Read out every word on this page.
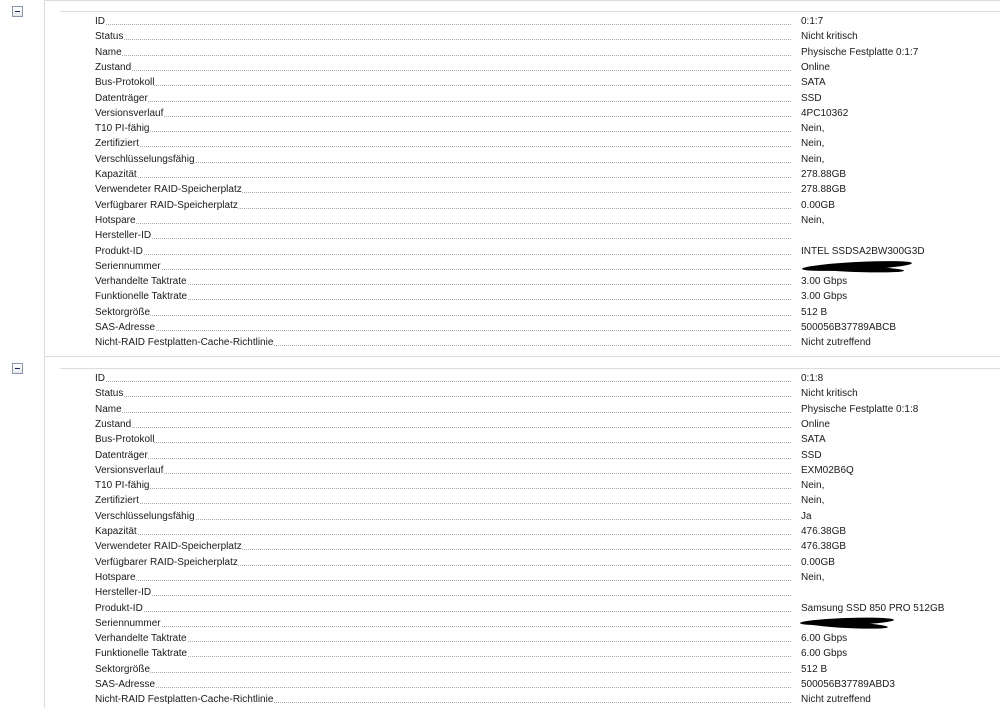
ID	0:1:7
Status	Nicht kritisch
Name	Physische Festplatte 0:1:7
Zustand	Online
Bus-Protokoll	SATA
Datenträger	SSD
Versionsverlauf	4PC10362
T10 PI-fähig	Nein,
Zertifiziert	Nein,
Verschlüsselungsfähig	Nein,
Kapazität	278.88GB
Verwendeter RAID-Speicherplatz	278.88GB
Verfügbarer RAID-Speicherplatz	0.00GB
Hotspare	Nein,
Hersteller-ID
Produkt-ID	INTEL SSDSA2BW300G3D
Seriennummer
Verhandelte Taktrate	3.00 Gbps
Funktionelle Taktrate	3.00 Gbps
Sektorgröße	512 B
SAS-Adresse	500056B37789ABCB
Nicht-RAID Festplatten-Cache-Richtlinie	Nicht zutreffend
ID	0:1:8
Status	Nicht kritisch
Name	Physische Festplatte 0:1:8
Zustand	Online
Bus-Protokoll	SATA
Datenträger	SSD
Versionsverlauf	EXM02B6Q
T10 PI-fähig	Nein,
Zertifiziert	Nein,
Verschlüsselungsfähig	Ja
Kapazität	476.38GB
Verwendeter RAID-Speicherplatz	476.38GB
Verfügbarer RAID-Speicherplatz	0.00GB
Hotspare	Nein,
Hersteller-ID
Produkt-ID	Samsung SSD 850 PRO 512GB
Seriennummer
Verhandelte Taktrate	6.00 Gbps
Funktionelle Taktrate	6.00 Gbps
Sektorgröße	512 B
SAS-Adresse	500056B37789ABD3
Nicht-RAID Festplatten-Cache-Richtlinie	Nicht zutreffend
